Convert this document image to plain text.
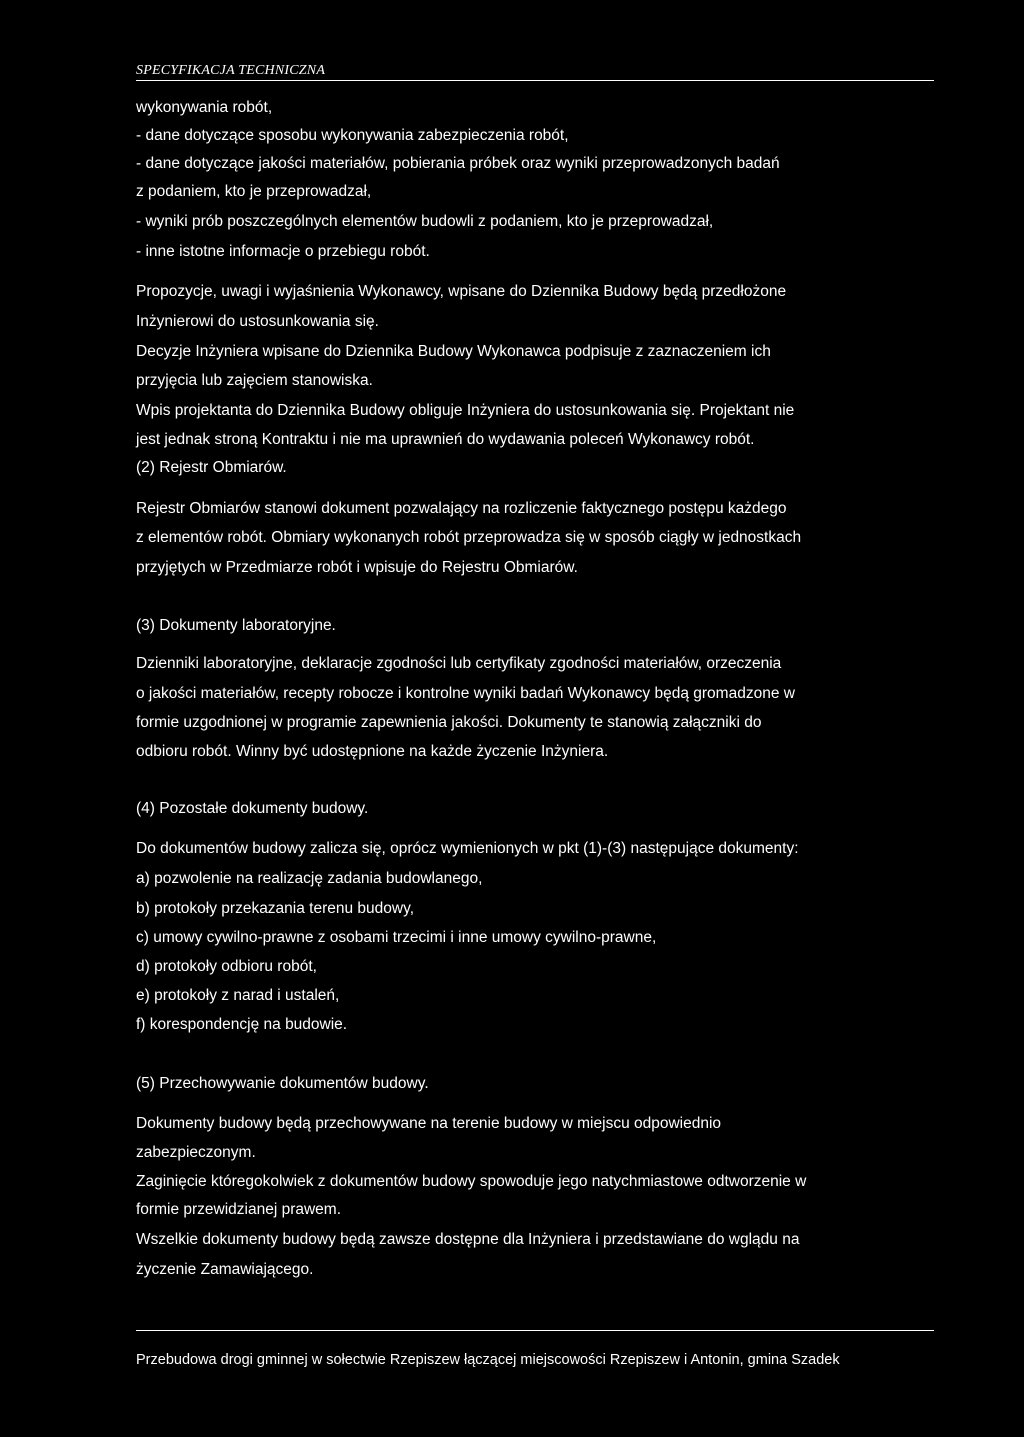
SPECYFIKACJA TECHNICZNA
wykonywania robót,
- dane dotyczące sposobu wykonywania zabezpieczenia robót,
- dane dotyczące jakości materiałów, pobierania próbek oraz wyniki przeprowadzonych badań
z podaniem, kto je przeprowadzał,
- wyniki prób poszczególnych elementów budowli z podaniem, kto je przeprowadzał,
- inne istotne informacje o przebiegu robót.
Propozycje, uwagi i wyjaśnienia Wykonawcy, wpisane do Dziennika Budowy będą przedłożone
Inżynierowi do ustosunkowania się.
Decyzje Inżyniera wpisane do Dziennika Budowy Wykonawca podpisuje z zaznaczeniem ich
przyjęcia lub zajęciem stanowiska.
Wpis projektanta do Dziennika Budowy obliguje Inżyniera do ustosunkowania się. Projektant nie
jest jednak stroną Kontraktu i nie ma uprawnień do wydawania poleceń Wykonawcy robót.
(2) Rejestr Obmiarów.
Rejestr Obmiarów stanowi dokument pozwalający na rozliczenie faktycznego postępu każdego
z elementów robót. Obmiary wykonanych robót przeprowadza się w sposób ciągły w jednostkach
przyjętych w Przedmiarze robót i wpisuje do Rejestru Obmiarów.
(3) Dokumenty laboratoryjne.
Dzienniki laboratoryjne, deklaracje zgodności lub certyfikaty zgodności materiałów, orzeczenia
o jakości materiałów, recepty robocze i kontrolne wyniki badań Wykonawcy będą gromadzone w
formie uzgodnionej w programie zapewnienia jakości. Dokumenty te stanowią załączniki do
odbioru robót. Winny być udostępnione na każde życzenie Inżyniera.
(4) Pozostałe dokumenty budowy.
Do dokumentów budowy zalicza się, oprócz wymienionych w pkt (1)-(3) następujące dokumenty:
a) pozwolenie na realizację zadania budowlanego,
b) protokoły przekazania terenu budowy,
c) umowy cywilno-prawne z osobami trzecimi i inne umowy cywilno-prawne,
d) protokoły odbioru robót,
e) protokoły z narad i ustaleń,
f) korespondencję na budowie.
(5) Przechowywanie dokumentów budowy.
Dokumenty budowy będą przechowywane na terenie budowy w miejscu odpowiednio
zabezpieczonym.
Zaginięcie któregokolwiek z dokumentów budowy spowoduje jego natychmiastowe odtworzenie w
formie przewidzianej prawem.
Wszelkie dokumenty budowy będą zawsze dostępne dla Inżyniera i przedstawiane do wglądu na
życzenie Zamawiającego.
Przebudowa drogi gminnej w sołectwie Rzepiszew łączącej miejscowości Rzepiszew i Antonin, gmina Szadek
